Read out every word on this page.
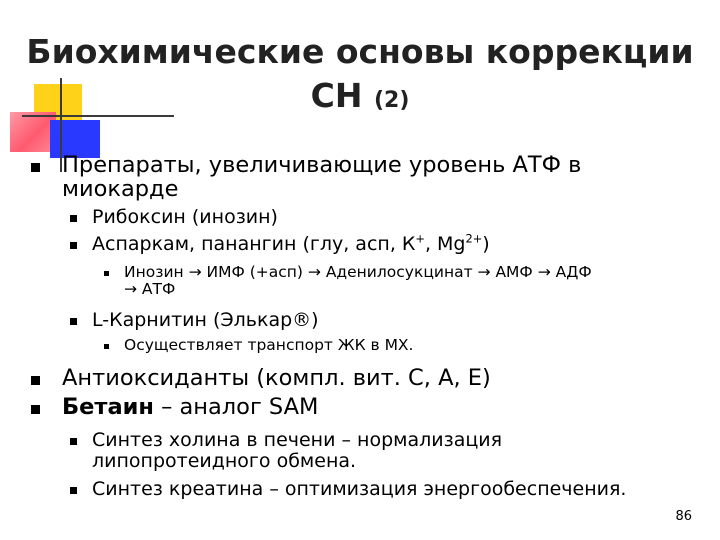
Биохимические основы коррекции
СН (2)
Препараты, увеличивающие уровень АТФ в
миокарде
Рибоксин (инозин)
Аспаркам, панангин (глу, асп, К+, $Mg^{2+}$)
Инозин → ИМФ (+асп) → Аденилосукцинат → АМФ → АДФ
→ АТФ
L-Карнитин (Элькар®)
Осуществляет транспорт ЖК в МХ.
Антиоксиданты (компл. вит. С, А, Е)
Бетаин – аналог SAM
Синтез холина в печени – нормализация
липопротеидного обмена.
Синтез креатина – оптимизация энергообеспечения.
86
